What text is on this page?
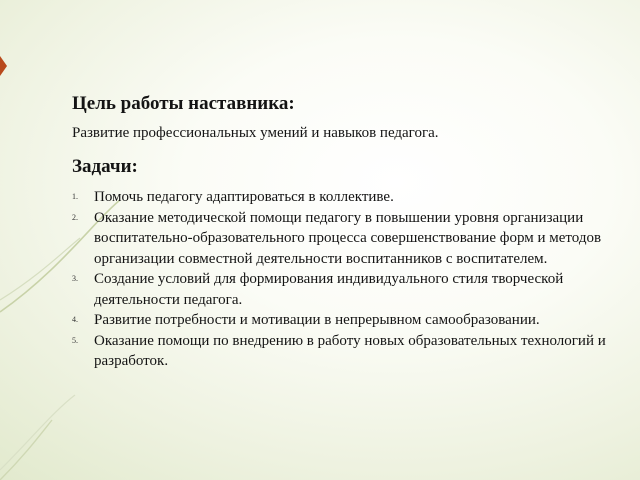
Цель работы наставника:

Развитие профессиональных умений и навыков педагога.

Задачи:
1.	Помочь педагогу адаптироваться в коллективе.
2.	Оказание методической помощи педагогу в повышении уровня организации воспитательно-образовательного процесса совершенствование форм и методов организации совместной деятельности воспитанников с воспитателем.
3.	Создание условий для формирования индивидуального стиля творческой деятельности педагога.
4.	Развитие потребности и мотивации в непрерывном самообразовании.
5.	Оказание помощи по внедрению в работу новых образовательных технологий и разработок.
